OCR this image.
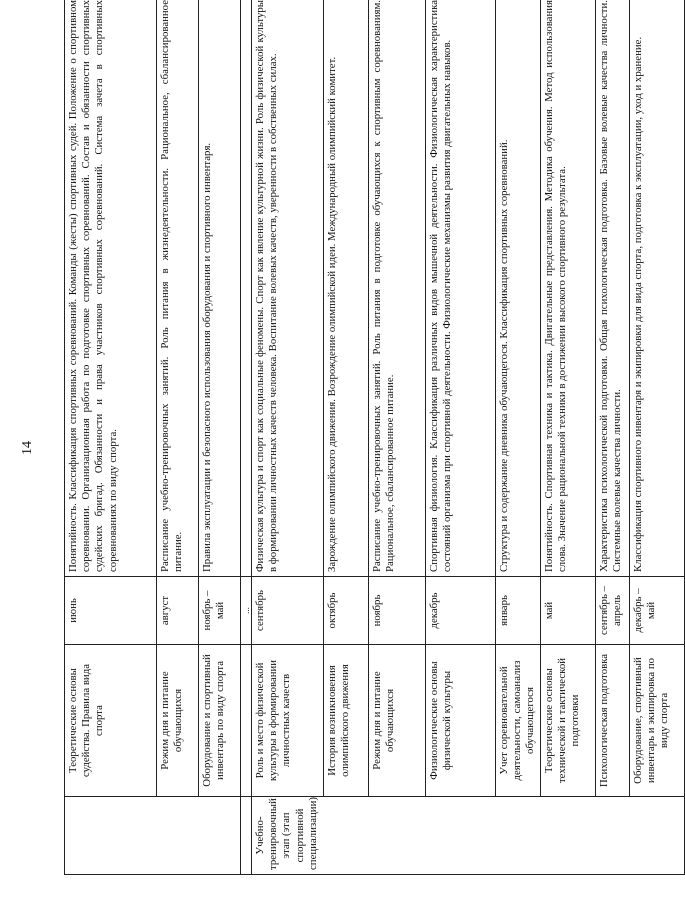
14
	Теоретические основы судейства. Правила вида спорта	июнь	Понятийность. Классификация спортивных соревнований. Команды (жесты) спортивных судей. Положение о спортивном соревновании. Организационная работа по подготовке спортивных соревнований. Состав и обязанности спортивных судейских бригад. Обязанности и права участников спортивных соревнований. Система зачета в спортивных соревнованиях по виду спорта.
	Режим дня и питание обучающихся	август	Расписание учебно-тренировочных занятий. Роль питания в жизнедеятельности. Рациональное, сбалансированное питание.
	Оборудование и спортивный инвентарь по виду спорта	ноябрь – май	Правила эксплуатации и безопасного использования оборудования и спортивного инвентаря.
		...	
Учебно-тренировочный этап (этап спортивной специализации)	Роль и место физической культуры в формировании личностных качеств	сентябрь	Физическая культура и спорт как социальные феномены. Спорт как явление культурной жизни. Роль физической культуры в формировании личностных качеств человека. Воспитание волевых качеств, уверенности в собственных силах.
	История возникновения олимпийского движения	октябрь	Зарождение олимпийского движения. Возрождение олимпийской идеи. Международный олимпийский комитет.
	Режим дня и питание обучающихся	ноябрь	Расписание учебно-тренировочных занятий. Роль питания в подготовке обучающихся к спортивным соревнованиям. Рациональное, сбалансированное питание.
	Физиологические основы физической культуры	декабрь	Спортивная физиология. Классификация различных видов мышечной деятельности. Физиологическая характеристика состояний организма при спортивной деятельности. Физиологические механизмы развития двигательных навыков.
	Учет соревновательной деятельности, самоанализ обучающегося	январь	Структура и содержание дневника обучающегося. Классификация спортивных соревнований.
	Теоретические основы технической и тактической подготовки	май	Понятийность. Спортивная техника и тактика. Двигательные представления. Методика обучения. Метод использования слова. Значение рациональной техники в достижении высокого спортивного результата.
	Психологическая подготовка	сентябрь – апрель	Характеристика психологической подготовки. Общая психологическая подготовка. Базовые волевые качества личности. Системные волевые качества личности.
	Оборудование, спортивный инвентарь и экипировка по виду спорта	декабрь – май	Классификация спортивного инвентаря и экипировки для вида спорта, подготовка к эксплуатации, уход и хранение.
